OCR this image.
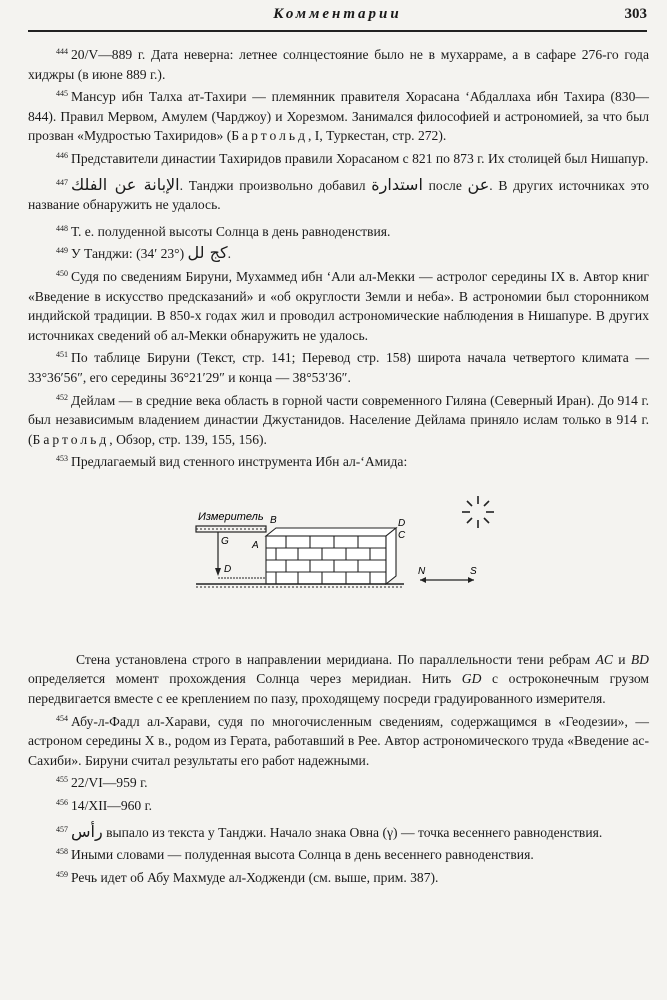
Комментарии	303

$^{444}$ 20/V—889 г. Дата неверна: летнее солнцестояние было не в мухарраме, а в сафаре 276-го года хиджры (в июне 889 г.).

$^{445}$ Мансур ибн Талха ат-Тахири — племянник правителя Хорасана ‘Абдаллаха ибн Тахира (830—844). Правил Мервом, Амулем (Чарджоу) и Хорезмом. Занимался философией и астрономией, за что был прозван «Мудростью Тахиридов» (Бартольд, I, Туркестан, стр. 272).

$^{446}$ Представители династии Тахиридов правили Хорасаном с 821 по 873 г. Их столицей был Нишапур.

$^{447}$ الإبانة عن الفلك. Танджи произвольно добавил استدارة после عن. В других источниках это название обнаружить не удалось.

$^{448}$ Т. е. полуденной высоты Солнца в день равноденствия.

$^{449}$ У Танджи:	كج لل (23° 34′).

$^{450}$ Судя по сведениям Бируни, Мухаммед ибн ‘Али ал-Мекки — астролог середины IX в. Автор книг «Введение в искусство предсказаний» и «об округлости Земли и неба». В астрономии был сторонником индийской традиции. В 850-х годах жил и проводил астрономические наблюдения в Нишапуре. В других источниках сведений об ал-Мекки обнаружить не удалось.

$^{451}$ По таблице Бируни (Текст, стр. 141; Перевод стр. 158) широта начала четвертого климата — 33°36′56″, его середины 36°21′29″ и конца — 38°53′36″.

$^{452}$ Дейлам — в средние века область в горной части современного Гиляна (Северный Иран). До 914 г. был независимым владением династии Джустанидов. Население Дейлама приняло ислам только в 914 г. (Бартольд, Обзор, стр. 139, 155, 156).

$^{453}$ Предлагаемый вид стенного инструмента Ибн ал-‘Амида:

Измеритель B
G A
D
D
C
N	S

Стена установлена строго в направлении меридиана. По параллельности тени ребрам AC и BD определяется момент прохождения Солнца через меридиан. Нить GD с остроконечным грузом передвигается вместе с ее креплением по пазу, проходящему посреди градуированного измерителя.

$^{454}$ Абу-л-Фадл ал-Харави, судя по многочисленным сведениям, содержащимся в «Геодезии», — астроном середины X в., родом из Герата, работавший в Рее. Автор астрономического труда «Введение ас-Сахиби». Бируни считал результаты его работ надежными.

$^{455}$ 22/VI—959 г.

$^{456}$ 14/XII—960 г.

$^{457}$ رأس выпало из текста у Танджи. Начало знака Овна (γ) — точка весеннего равноденствия.

$^{458}$ Иными словами — полуденная высота Солнца в день весеннего равноденствия.

$^{459}$ Речь идет об Абу Махмуде ал-Ходженди (см. выше, прим. 387).
